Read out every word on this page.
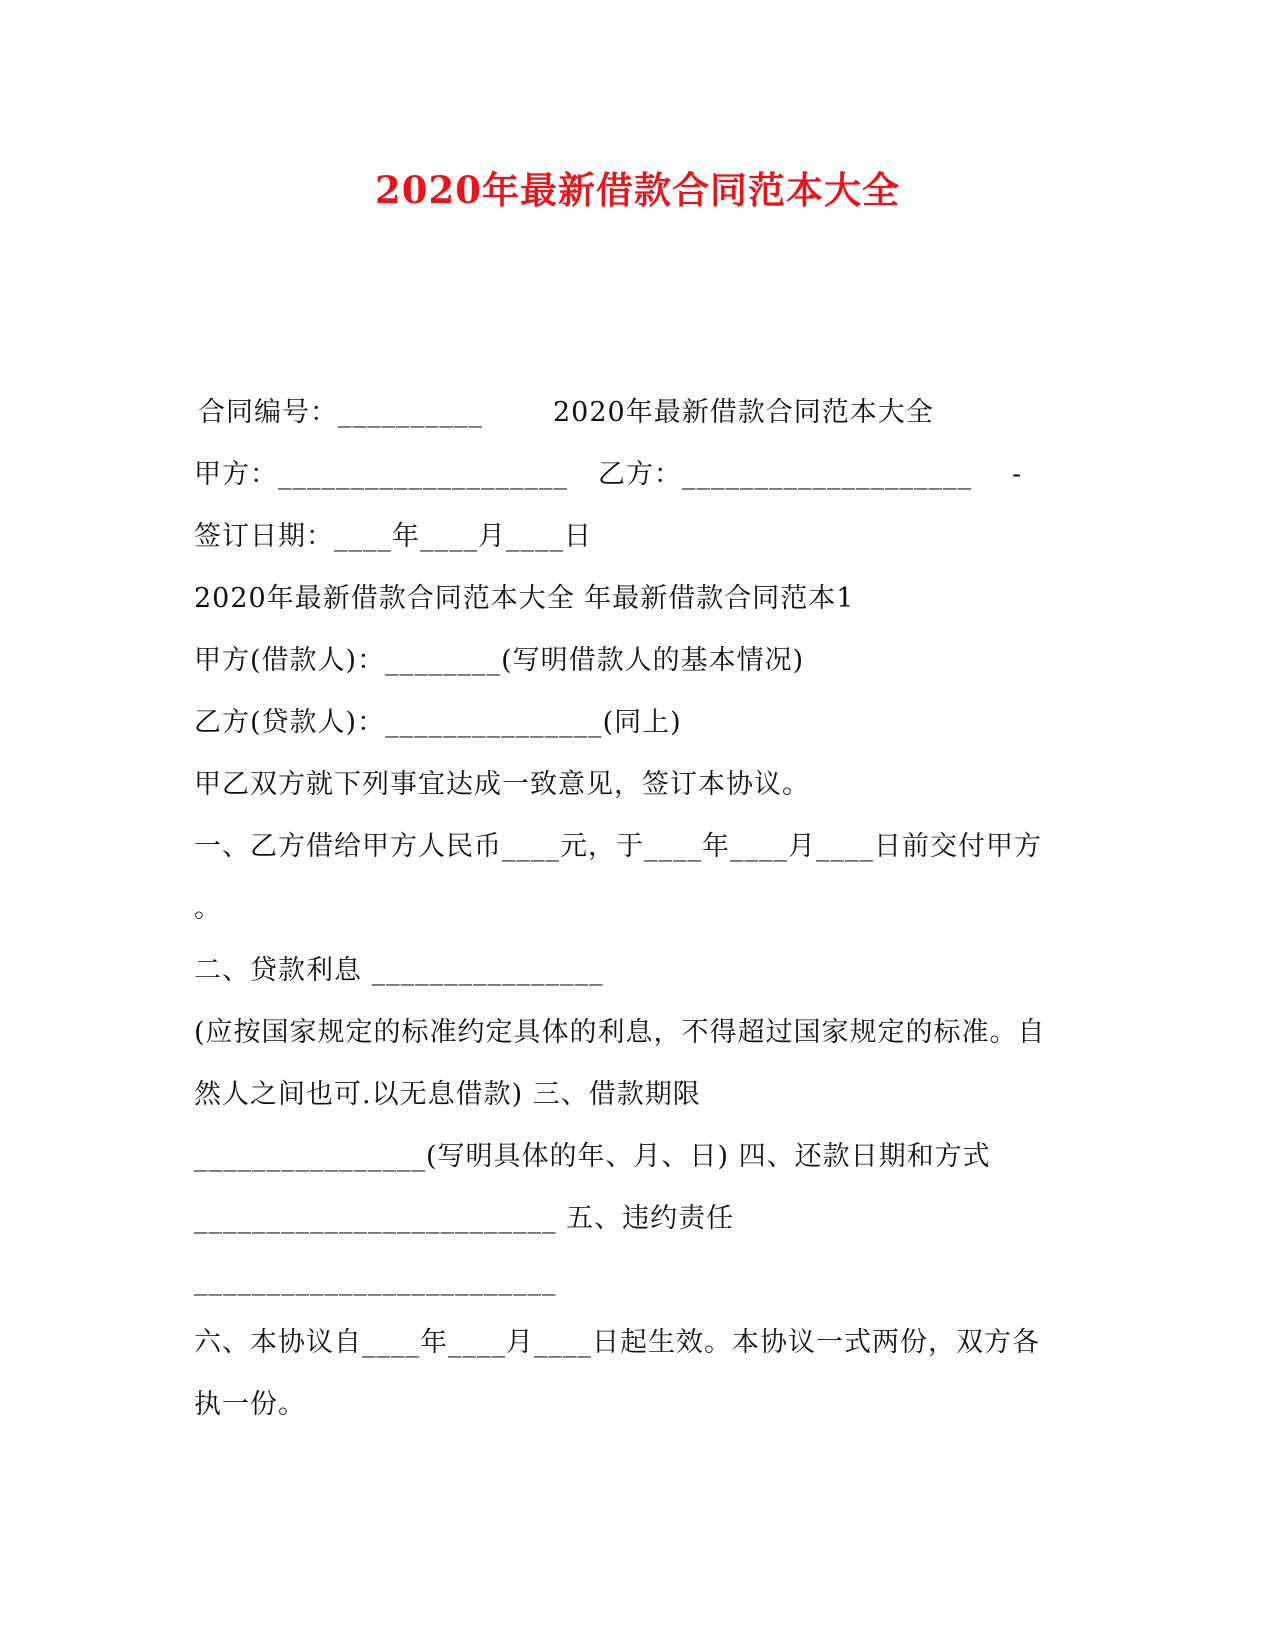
2020年最新借款合同范本大全
合同编号：__________	2020年最新借款合同范本大全
甲方：____________________ 乙方：____________________ -
签订日期：____年____月____日
2020年最新借款合同范本大全 年最新借款合同范本1
甲方(借款人)：________(写明借款人的基本情况)
乙方(贷款人)：_______________(同上)
甲乙双方就下列事宜达成一致意见，签订本协议。
一、乙方借给甲方人民币____元，于____年____月____日前交付甲方
。
二、贷款利息 ________________
(应按国家规定的标准约定具体的利息，不得超过国家规定的标准。自
然人之间也可.以无息借款) 三、借款期限
________________(写明具体的年、月、日) 四、还款日期和方式
_________________________ 五、违约责任
_________________________
六、本协议自____年____月____日起生效。本协议一式两份，双方各
执一份。
